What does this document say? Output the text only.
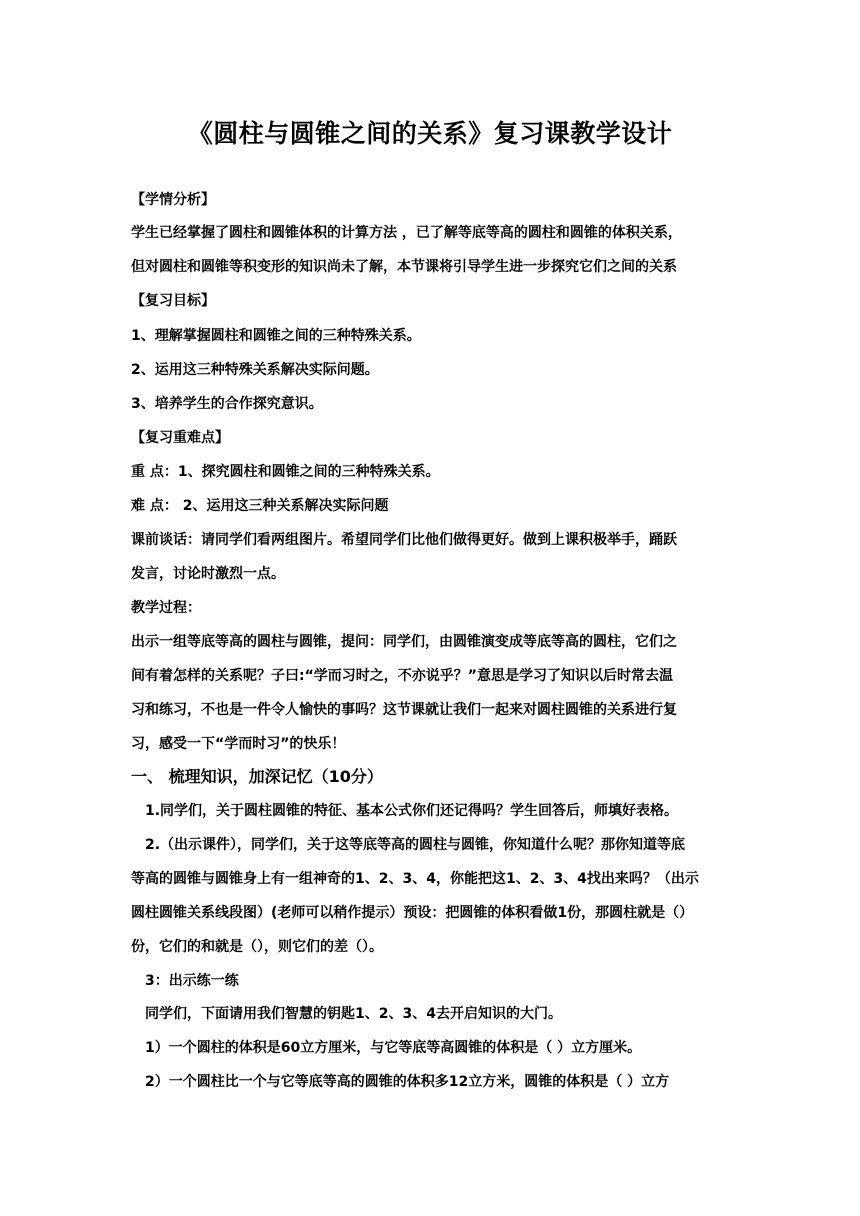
《圆柱与圆锥之间的关系》复习课教学设计
【学情分析】
学生已经掌握了圆柱和圆锥体积的计算方法 ，已了解等底等高的圆柱和圆锥的体积关系，
但对圆柱和圆锥等积变形的知识尚未了解，本节课将引导学生进一步探究它们之间的关系
【复习目标】
1、理解掌握圆柱和圆锥之间的三种特殊关系。
2、运用这三种特殊关系解决实际问题。
3、培养学生的合作探究意识。
【复习重难点】
重 点：1、探究圆柱和圆锥之间的三种特殊关系。
难 点： 2、运用这三种关系解决实际问题
课前谈话：请同学们看两组图片。希望同学们比他们做得更好。做到上课积极举手，踊跃
发言，讨论时激烈一点。
教学过程：
出示一组等底等高的圆柱与圆锥，提问：同学们，由圆锥演变成等底等高的圆柱，它们之
间有着怎样的关系呢？子曰:“学而习时之，不亦说乎？”意思是学习了知识以后时常去温
习和练习，不也是一件令人愉快的事吗？这节课就让我们一起来对圆柱圆锥的关系进行复
习，感受一下“学而时习”的快乐！
一、 梳理知识，加深记忆（10分）
1.同学们，关于圆柱圆锥的特征、基本公式你们还记得吗？学生回答后，师填好表格。
2.（出示课件），同学们，关于这等底等高的圆柱与圆锥，你知道什么呢？那你知道等底
等高的圆锥与圆锥身上有一组神奇的1、2、3、4，你能把这1、2、3、4找出来吗？（出示
圆柱圆锥关系线段图）(老师可以稍作提示）预设：把圆锥的体积看做1份，那圆柱就是（）
份，它们的和就是（），则它们的差（）。
3：出示练一练
同学们，下面请用我们智慧的钥匙1、2、3、4去开启知识的大门。
1）一个圆柱的体积是60立方厘米，与它等底等高圆锥的体积是（ ）立方厘米。
2）一个圆柱比一个与它等底等高的圆锥的体积多12立方米，圆锥的体积是（ ）立方
